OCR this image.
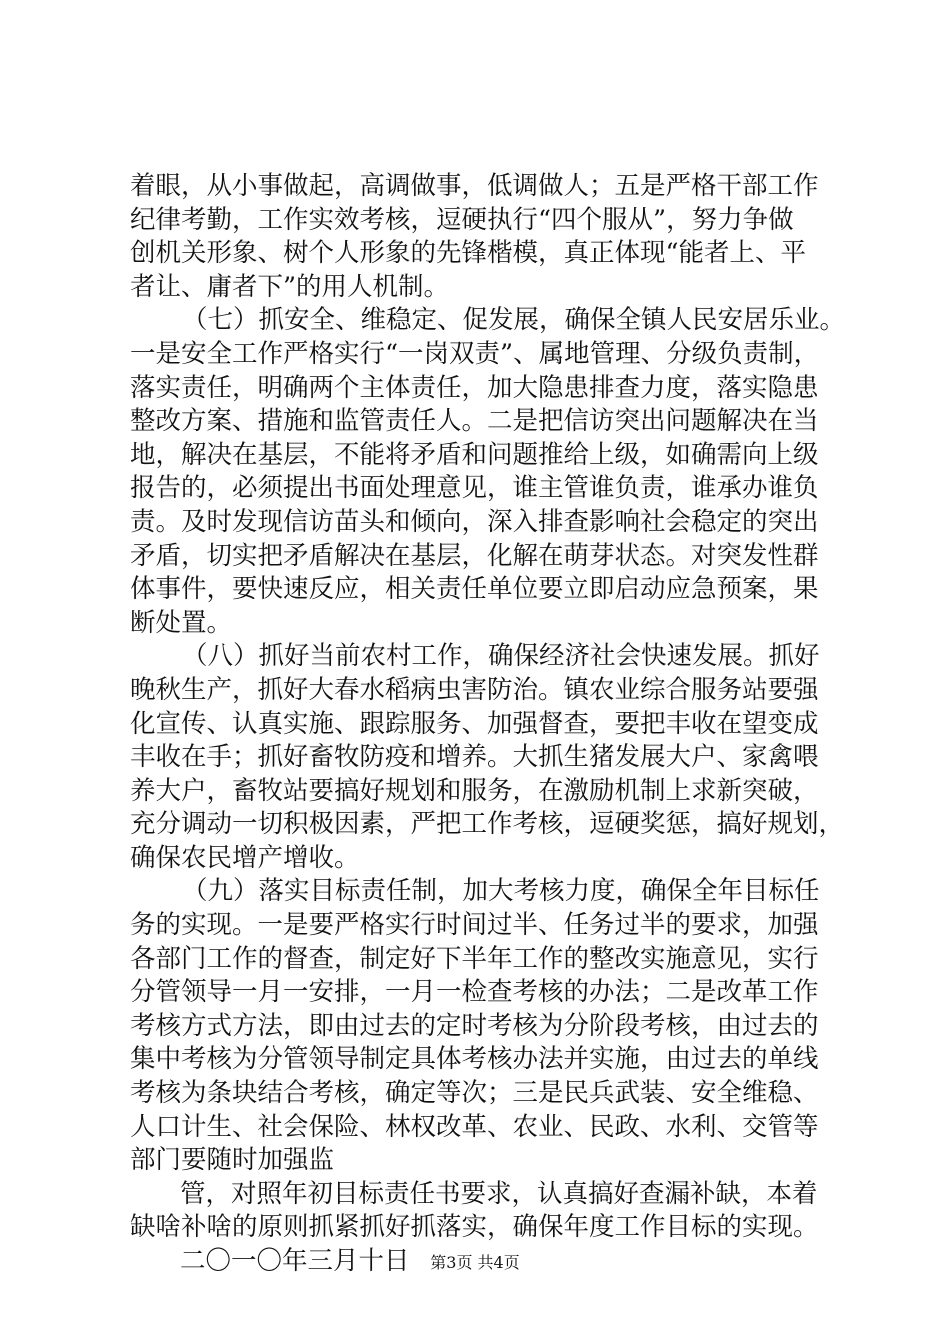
着眼，从小事做起，高调做事，低调做人；五是严格干部工作
纪律考勤，工作实效考核，逗硬执行“四个服从”，努力争做
创机关形象、树个人形象的先锋楷模，真正体现“能者上、平
者让、庸者下”的用人机制。
（七）抓安全、维稳定、促发展，确保全镇人民安居乐业。
一是安全工作严格实行“一岗双责”、属地管理、分级负责制，
落实责任，明确两个主体责任，加大隐患排查力度，落实隐患
整改方案、措施和监管责任人。二是把信访突出问题解决在当
地，解决在基层，不能将矛盾和问题推给上级，如确需向上级
报告的，必须提出书面处理意见，谁主管谁负责，谁承办谁负
责。及时发现信访苗头和倾向，深入排查影响社会稳定的突出
矛盾，切实把矛盾解决在基层，化解在萌芽状态。对突发性群
体事件，要快速反应，相关责任单位要立即启动应急预案，果
断处置。
（八）抓好当前农村工作，确保经济社会快速发展。抓好
晚秋生产，抓好大春水稻病虫害防治。镇农业综合服务站要强
化宣传、认真实施、跟踪服务、加强督查，要把丰收在望变成
丰收在手；抓好畜牧防疫和增养。大抓生猪发展大户、家禽喂
养大户，畜牧站要搞好规划和服务，在激励机制上求新突破，
充分调动一切积极因素，严把工作考核，逗硬奖惩，搞好规划，
确保农民增产增收。
（九）落实目标责任制，加大考核力度，确保全年目标任
务的实现。一是要严格实行时间过半、任务过半的要求，加强
各部门工作的督查，制定好下半年工作的整改实施意见，实行
分管领导一月一安排，一月一检查考核的办法；二是改革工作
考核方式方法，即由过去的定时考核为分阶段考核，由过去的
集中考核为分管领导制定具体考核办法并实施，由过去的单线
考核为条块结合考核，确定等次；三是民兵武装、安全维稳、
人口计生、社会保险、林权改革、农业、民政、水利、交管等
部门要随时加强监
管，对照年初目标责任书要求，认真搞好查漏补缺，本着
缺啥补啥的原则抓紧抓好抓落实，确保年度工作目标的实现。
二〇一〇年三月十日	第3页 共4页
